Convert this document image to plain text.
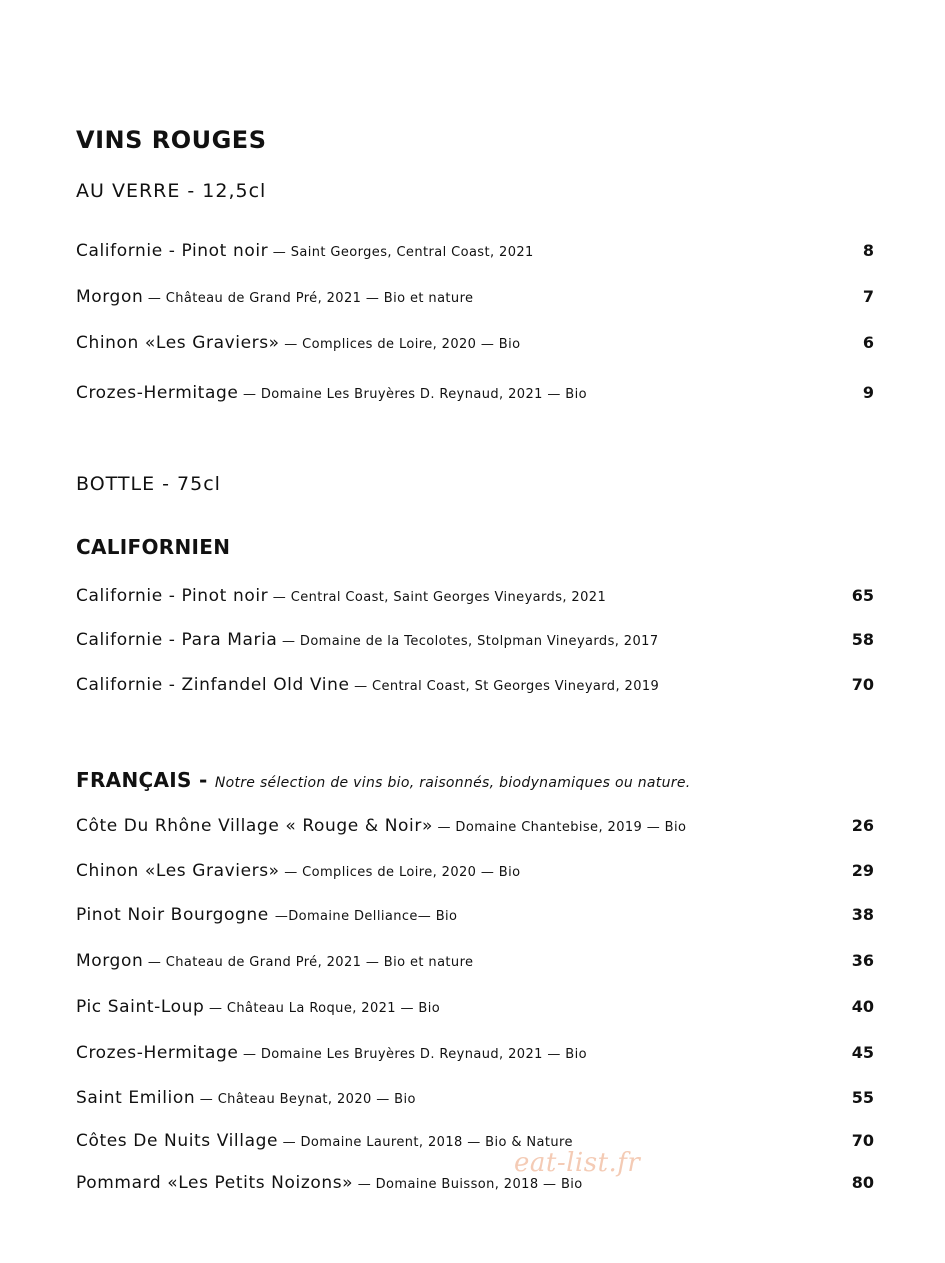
VINS ROUGES
AU VERRE - 12,5cl
Californie - Pinot noir — Saint Georges, Central Coast, 2021	8
Morgon — Château de Grand Pré, 2021 — Bio et nature	7
Chinon «Les Graviers» — Complices de Loire, 2020 — Bio	6
Crozes-Hermitage — Domaine Les Bruyères D. Reynaud, 2021 — Bio	9
BOTTLE - 75cl
CALIFORNIEN
Californie - Pinot noir — Central Coast, Saint Georges Vineyards, 2021	65
Californie - Para Maria — Domaine de la Tecolotes, Stolpman Vineyards, 2017	58
Californie - Zinfandel Old Vine — Central Coast, St Georges Vineyard, 2019	70
FRANÇAIS - Notre sélection de vins bio, raisonnés, biodynamiques ou nature.
Côte Du Rhône Village « Rouge & Noir» — Domaine Chantebise, 2019 — Bio	26
Chinon «Les Graviers» — Complices de Loire, 2020 — Bio	29
Pinot Noir Bourgogne —Domaine Delliance— Bio	38
Morgon — Chateau de Grand Pré, 2021 — Bio et nature	36
Pic Saint-Loup — Château La Roque, 2021 — Bio	40
Crozes-Hermitage — Domaine Les Bruyères D. Reynaud, 2021 — Bio	45
Saint Emilion — Château Beynat, 2020 — Bio	55
Côtes De Nuits Village — Domaine Laurent, 2018 — Bio & Nature	70
Pommard «Les Petits Noizons» — Domaine Buisson, 2018 — Bio	80
eat-list.fr
